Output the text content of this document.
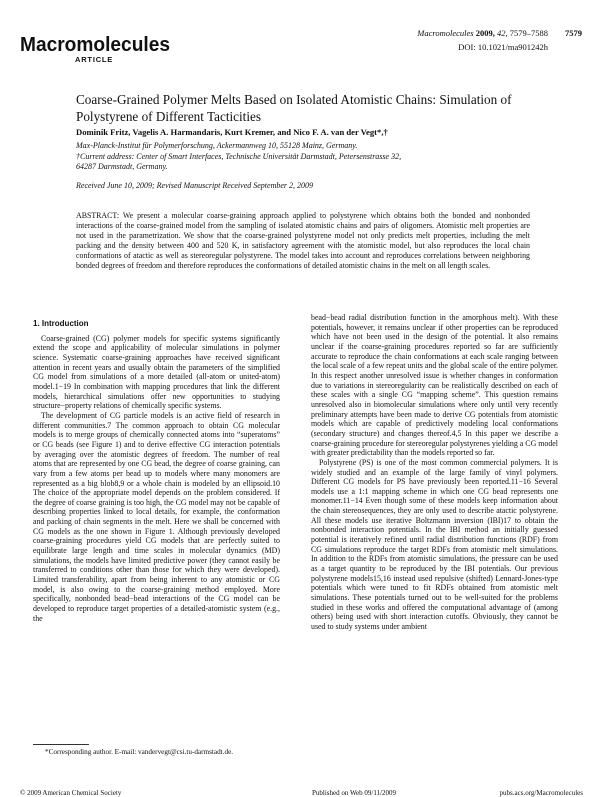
Macromolecules
ARTICLE
Macromolecules 2009, 42, 7579–7588 7579
DOI: 10.1021/ma901242h
Coarse-Grained Polymer Melts Based on Isolated Atomistic Chains: Simulation of Polystyrene of Different Tacticities
Dominik Fritz, Vagelis A. Harmandaris, Kurt Kremer, and Nico F. A. van der Vegt*,†
Max-Planck-Institut für Polymerforschung, Ackermannweg 10, 55128 Mainz, Germany.
†Current address: Center of Smart Interfaces, Technische Universität Darmstadt, Petersenstrasse 32,
64287 Darmstadt, Germany.
Received June 10, 2009; Revised Manuscript Received September 2, 2009
ABSTRACT: We present a molecular coarse-graining approach applied to polystyrene which obtains both the bonded and nonbonded interactions of the coarse-grained model from the sampling of isolated atomistic chains and pairs of oligomers. Atomistic melt properties are not used in the parametrization. We show that the coarse-grained polystyrene model not only predicts melt properties, including the melt packing and the density between 400 and 520 K, in satisfactory agreement with the atomistic model, but also reproduces the local chain conformations of atactic as well as stereoregular polystyrene. The model takes into account and reproduces correlations between neighboring bonded degrees of freedom and therefore reproduces the conformations of detailed atomistic chains in the melt on all length scales.
1. Introduction

Coarse-grained (CG) polymer models for specific systems significantly extend the scope and applicability of molecular simulations in polymer science. Systematic coarse-graining approaches have received significant attention in recent years and usually obtain the parameters of the simplified CG model from simulations of a more detailed (all-atom or united-atom) model.1−19 In combination with mapping procedures that link the different models, hierarchical simulations offer new opportunities to studying structure−property relations of chemically specific systems.

The development of CG particle models is an active field of research in different communities.7 The common approach to obtain CG molecular models is to merge groups of chemically connected atoms into “superatoms” or CG beads (see Figure 1) and to derive effective CG interaction potentials by averaging over the atomistic degrees of freedom. The number of real atoms that are represented by one CG bead, the degree of coarse graining, can vary from a few atoms per bead up to models where many monomers are represented as a big blob8,9 or a whole chain is modeled by an ellipsoid.10 The choice of the appropriate model depends on the problem considered. If the degree of coarse graining is too high, the CG model may not be capable of describing properties linked to local details, for example, the conformation and packing of chain segments in the melt. Here we shall be concerned with CG models as the one shown in Figure 1. Although previously developed coarse-graining procedures yield CG models that are perfectly suited to equilibrate large length and time scales in molecular dynamics (MD) simulations, the models have limited predictive power (they cannot easily be transferred to conditions other than those for which they were developed). Limited transferability, apart from being inherent to any atomistic or CG model, is also owing to the coarse-graining method employed. More specifically, nonbonded bead−bead interactions of the CG model can be developed to reproduce target properties of a detailed-atomistic system (e.g., the

bead−bead radial distribution function in the amorphous melt). With these potentials, however, it remains unclear if other properties can be reproduced which have not been used in the design of the potential. It also remains unclear if the coarse-graining procedures reported so far are sufficiently accurate to reproduce the chain conformations at each scale ranging between the local scale of a few repeat units and the global scale of the entire polymer. In this respect another unresolved issue is whether changes in conformation due to variations in stereoregularity can be realistically described on each of these scales with a single CG “mapping scheme”. This question remains unresolved also in biomolecular simulations where only until very recently preliminary attempts have been made to derive CG potentials from atomistic models which are capable of predictively modeling local conformations (secondary structure) and changes thereof.4,5 In this paper we describe a coarse-graining procedure for stereoregular polystyrenes yielding a CG model with greater predictability than the models reported so far.

Polystyrene (PS) is one of the most common commercial polymers. It is widely studied and an example of the large family of vinyl polymers. Different CG models for PS have previously been reported.11−16 Several models use a 1:1 mapping scheme in which one CG bead represents one monomer.11−14 Even though some of these models keep information about the chain stereosequences, they are only used to describe atactic polystyrene. All these models use iterative Boltzmann inversion (IBI)17 to obtain the nonbonded interaction potentials. In the IBI method an initially guessed potential is iteratively refined until radial distribution functions (RDF) from CG simulations reproduce the target RDFs from atomistic melt simulations. In addition to the RDFs from atomistic simulations, the pressure can be used as a target quantity to be reproduced by the IBI potentials. Our previous polystyrene models15,16 instead used repulsive (shifted) Lennard-Jones-type potentials which were tuned to fit RDFs obtained from atomistic melt simulations. These potentials turned out to be well-suited for the problems studied in these works and offered the computational advantage of (among others) being used with short interaction cutoffs. Obviously, they cannot be used to study systems under ambient

*Corresponding author. E-mail: vandervegt@csi.tu-darmstadt.de.
© 2009 American Chemical Society	Published on Web 09/11/2009	pubs.acs.org/Macromolecules
